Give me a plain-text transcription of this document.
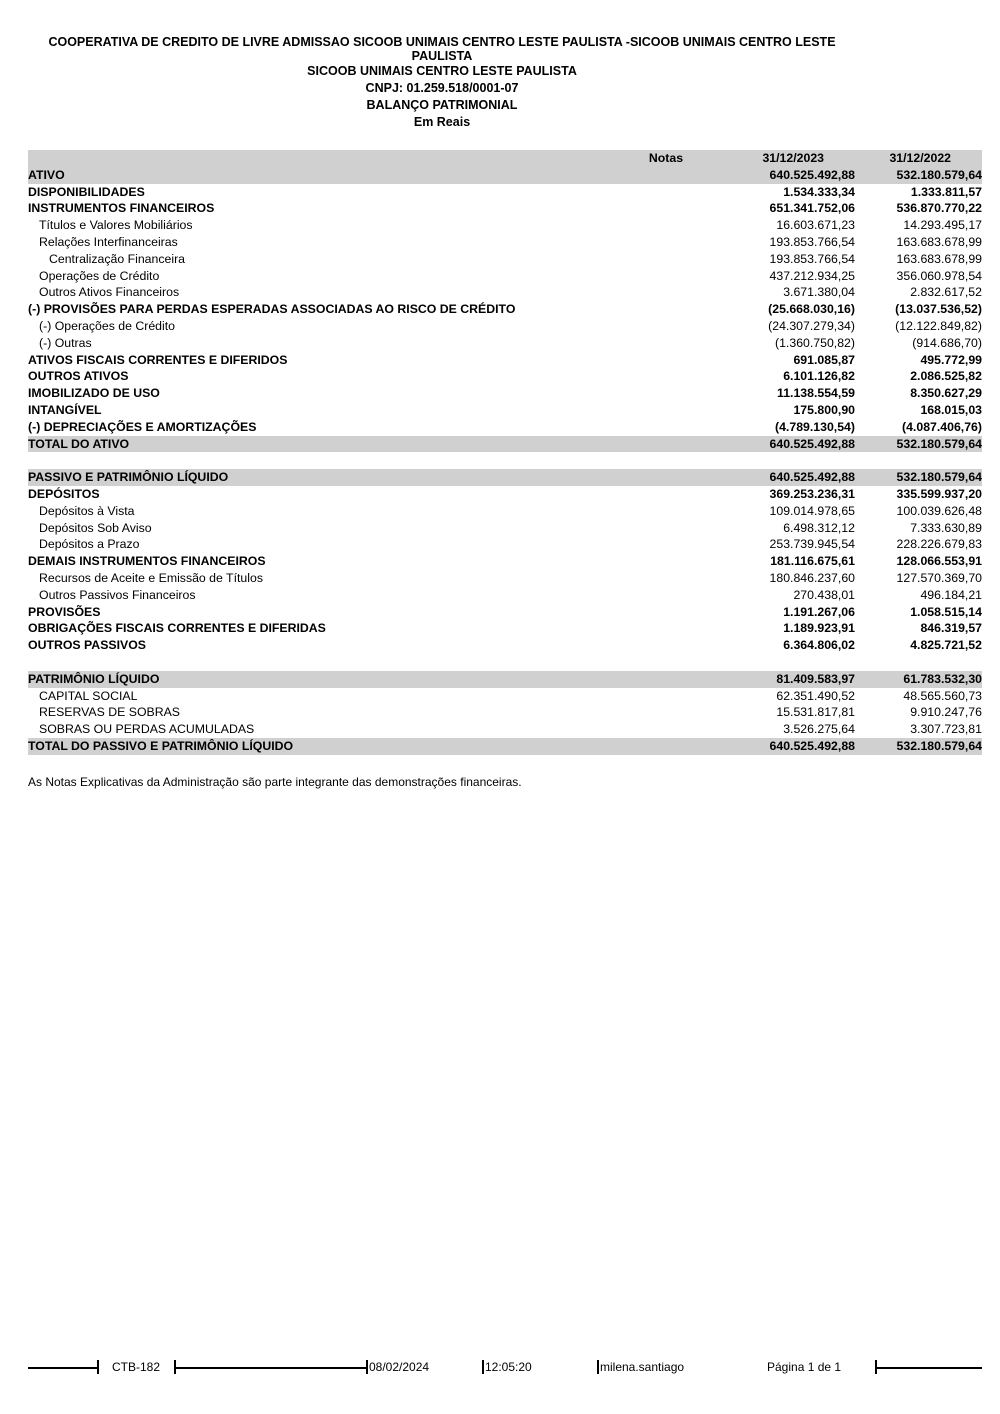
COOPERATIVA DE CREDITO DE LIVRE ADMISSAO SICOOB UNIMAIS CENTRO LESTE PAULISTA -SICOOB UNIMAIS CENTRO LESTE
PAULISTA
SICOOB UNIMAIS CENTRO LESTE PAULISTA
CNPJ: 01.259.518/0001-07
BALANÇO PATRIMONIAL
Em Reais
Notas	31/12/2023	31/12/2022
ATIVO	640.525.492,88	532.180.579,64
DISPONIBILIDADES	1.534.333,34	1.333.811,57
INSTRUMENTOS FINANCEIROS	651.341.752,06	536.870.770,22
Títulos e Valores Mobiliários	16.603.671,23	14.293.495,17
Relações Interfinanceiras	193.853.766,54	163.683.678,99
Centralização Financeira	193.853.766,54	163.683.678,99
Operações de Crédito	437.212.934,25	356.060.978,54
Outros Ativos Financeiros	3.671.380,04	2.832.617,52
(-) PROVISÕES PARA PERDAS ESPERADAS ASSOCIADAS AO RISCO DE CRÉDITO	(25.668.030,16)	(13.037.536,52)
(-) Operações de Crédito	(24.307.279,34)	(12.122.849,82)
(-) Outras	(1.360.750,82)	(914.686,70)
ATIVOS FISCAIS CORRENTES E DIFERIDOS	691.085,87	495.772,99
OUTROS ATIVOS	6.101.126,82	2.086.525,82
IMOBILIZADO DE USO	11.138.554,59	8.350.627,29
INTANGÍVEL	175.800,90	168.015,03
(-) DEPRECIAÇÕES E AMORTIZAÇÕES	(4.789.130,54)	(4.087.406,76)
TOTAL DO ATIVO	640.525.492,88	532.180.579,64
PASSIVO E PATRIMÔNIO LÍQUIDO	640.525.492,88	532.180.579,64
DEPÓSITOS	369.253.236,31	335.599.937,20
Depósitos à Vista	109.014.978,65	100.039.626,48
Depósitos Sob Aviso	6.498.312,12	7.333.630,89
Depósitos a Prazo	253.739.945,54	228.226.679,83
DEMAIS INSTRUMENTOS FINANCEIROS	181.116.675,61	128.066.553,91
Recursos de Aceite e Emissão de Títulos	180.846.237,60	127.570.369,70
Outros Passivos Financeiros	270.438,01	496.184,21
PROVISÕES	1.191.267,06	1.058.515,14
OBRIGAÇÕES FISCAIS CORRENTES E DIFERIDAS	1.189.923,91	846.319,57
OUTROS PASSIVOS	6.364.806,02	4.825.721,52
PATRIMÔNIO LÍQUIDO	81.409.583,97	61.783.532,30
CAPITAL SOCIAL	62.351.490,52	48.565.560,73
RESERVAS DE SOBRAS	15.531.817,81	9.910.247,76
SOBRAS OU PERDAS ACUMULADAS	3.526.275,64	3.307.723,81
TOTAL DO PASSIVO E PATRIMÔNIO LÍQUIDO	640.525.492,88	532.180.579,64
As Notas Explicativas da Administração são parte integrante das demonstrações financeiras.
CTB-182	08/02/2024	12:05:20	milena.santiago	Página 1 de 1
